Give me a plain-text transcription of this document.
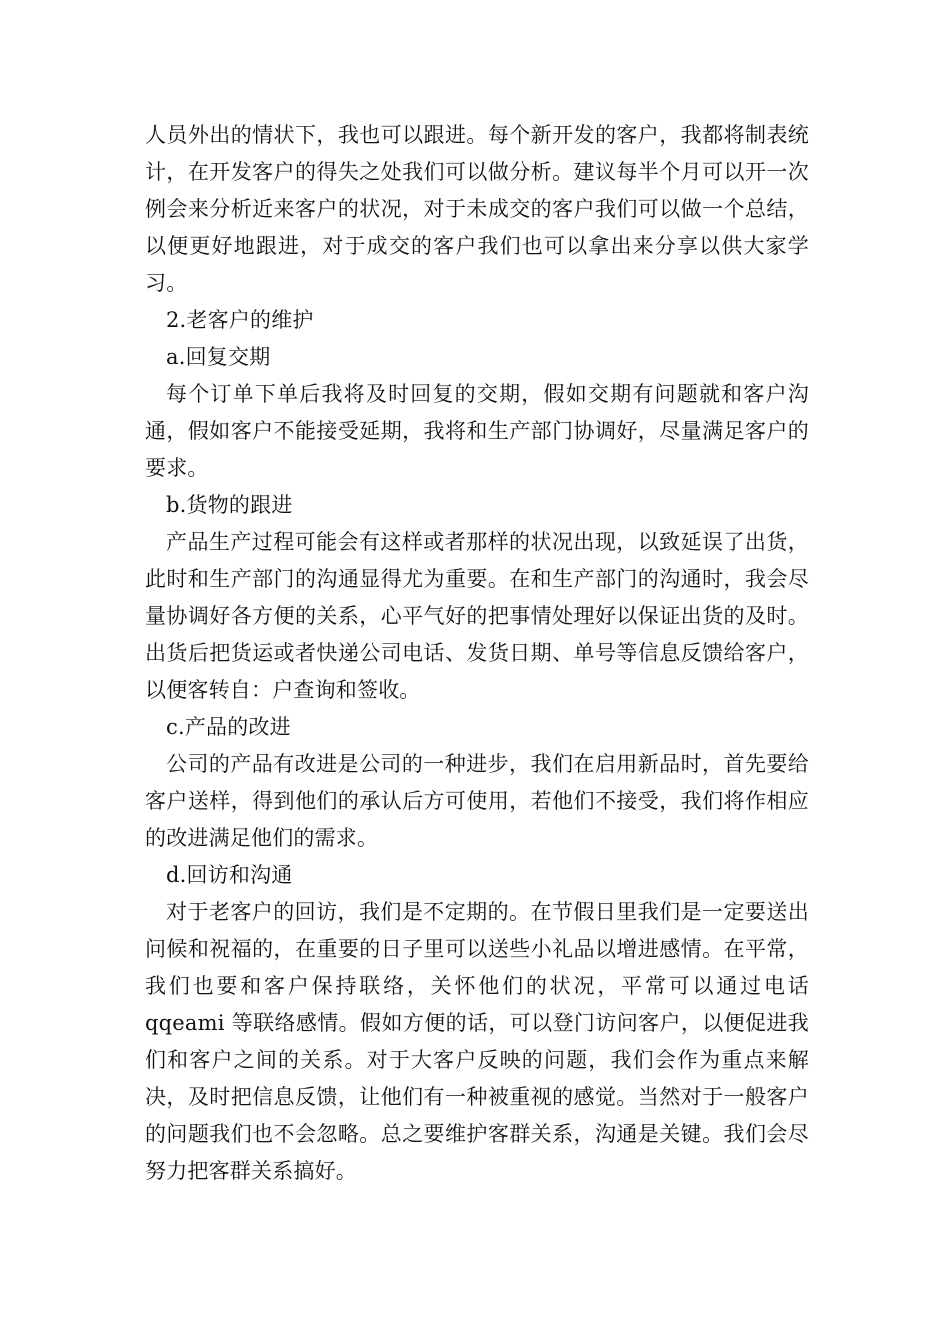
人员外出的情状下，我也可以跟进。每个新开发的客户，我都将制表统计，在开发客户的得失之处我们可以做分析。建议每半个月可以开一次例会来分析近来客户的状况，对于未成交的客户我们可以做一个总结，以便更好地跟进，对于成交的客户我们也可以拿出来分享以供大家学习。

2.老客户的维护

a.回复交期

每个订单下单后我将及时回复的交期，假如交期有问题就和客户沟通，假如客户不能接受延期，我将和生产部门协调好，尽量满足客户的要求。

b.货物的跟进

产品生产过程可能会有这样或者那样的状况出现，以致延误了出货，此时和生产部门的沟通显得尤为重要。在和生产部门的沟通时，我会尽量协调好各方便的关系，心平气好的把事情处理好以保证出货的及时。出货后把货运或者快递公司电话、发货日期、单号等信息反馈给客户，以便客转自：户查询和签收。

c.产品的改进

公司的产品有改进是公司的一种进步，我们在启用新品时，首先要给客户送样，得到他们的承认后方可使用，若他们不接受，我们将作相应的改进满足他们的需求。

d.回访和沟通

对于老客户的回访，我们是不定期的。在节假日里我们是一定要送出问候和祝福的，在重要的日子里可以送些小礼品以增进感情。在平常，我们也要和客户保持联络，关怀他们的状况，平常可以通过电话 qqeami 等联络感情。假如方便的话，可以登门访问客户，以便促进我们和客户之间的关系。对于大客户反映的问题，我们会作为重点来解决，及时把信息反馈，让他们有一种被重视的感觉。当然对于一般客户的问题我们也不会忽略。总之要维护客群关系，沟通是关键。我们会尽努力把客群关系搞好。
